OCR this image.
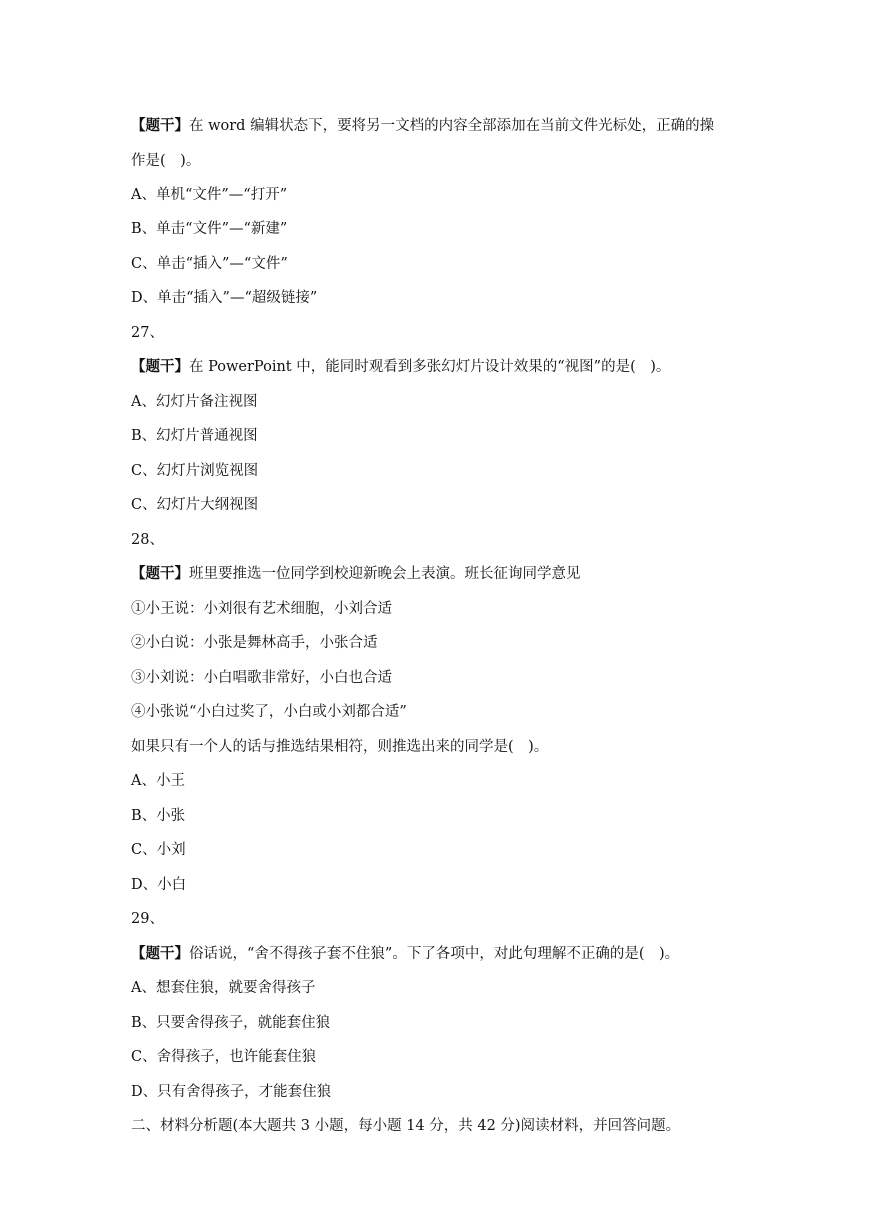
【题干】在 word 编辑状态下，要将另一文档的内容全部添加在当前文件光标处，正确的操
作是(　)。
A、单机“文件”—“打开”
B、单击“文件”—“新建”
C、单击“插入”—“文件”
D、单击“插入”—“超级链接”
27、
【题干】在 PowerPoint 中，能同时观看到多张幻灯片设计效果的“视图”的是(　)。
A、幻灯片备注视图
B、幻灯片普通视图
C、幻灯片浏览视图
C、幻灯片大纲视图
28、
【题干】班里要推选一位同学到校迎新晚会上表演。班长征询同学意见
①小王说：小刘很有艺术细胞，小刘合适
②小白说：小张是舞林高手，小张合适
③小刘说：小白唱歌非常好，小白也合适
④小张说“小白过奖了，小白或小刘都合适”
如果只有一个人的话与推选结果相符，则推选出来的同学是(　)。
A、小王
B、小张
C、小刘
D、小白
29、
【题干】俗话说，“舍不得孩子套不住狼”。下了各项中，对此句理解不正确的是(　)。
A、想套住狼，就要舍得孩子
B、只要舍得孩子，就能套住狼
C、舍得孩子，也许能套住狼
D、只有舍得孩子，才能套住狼
二、材料分析题(本大题共 3 小题，每小题 14 分，共 42 分)阅读材料，并回答问题。
